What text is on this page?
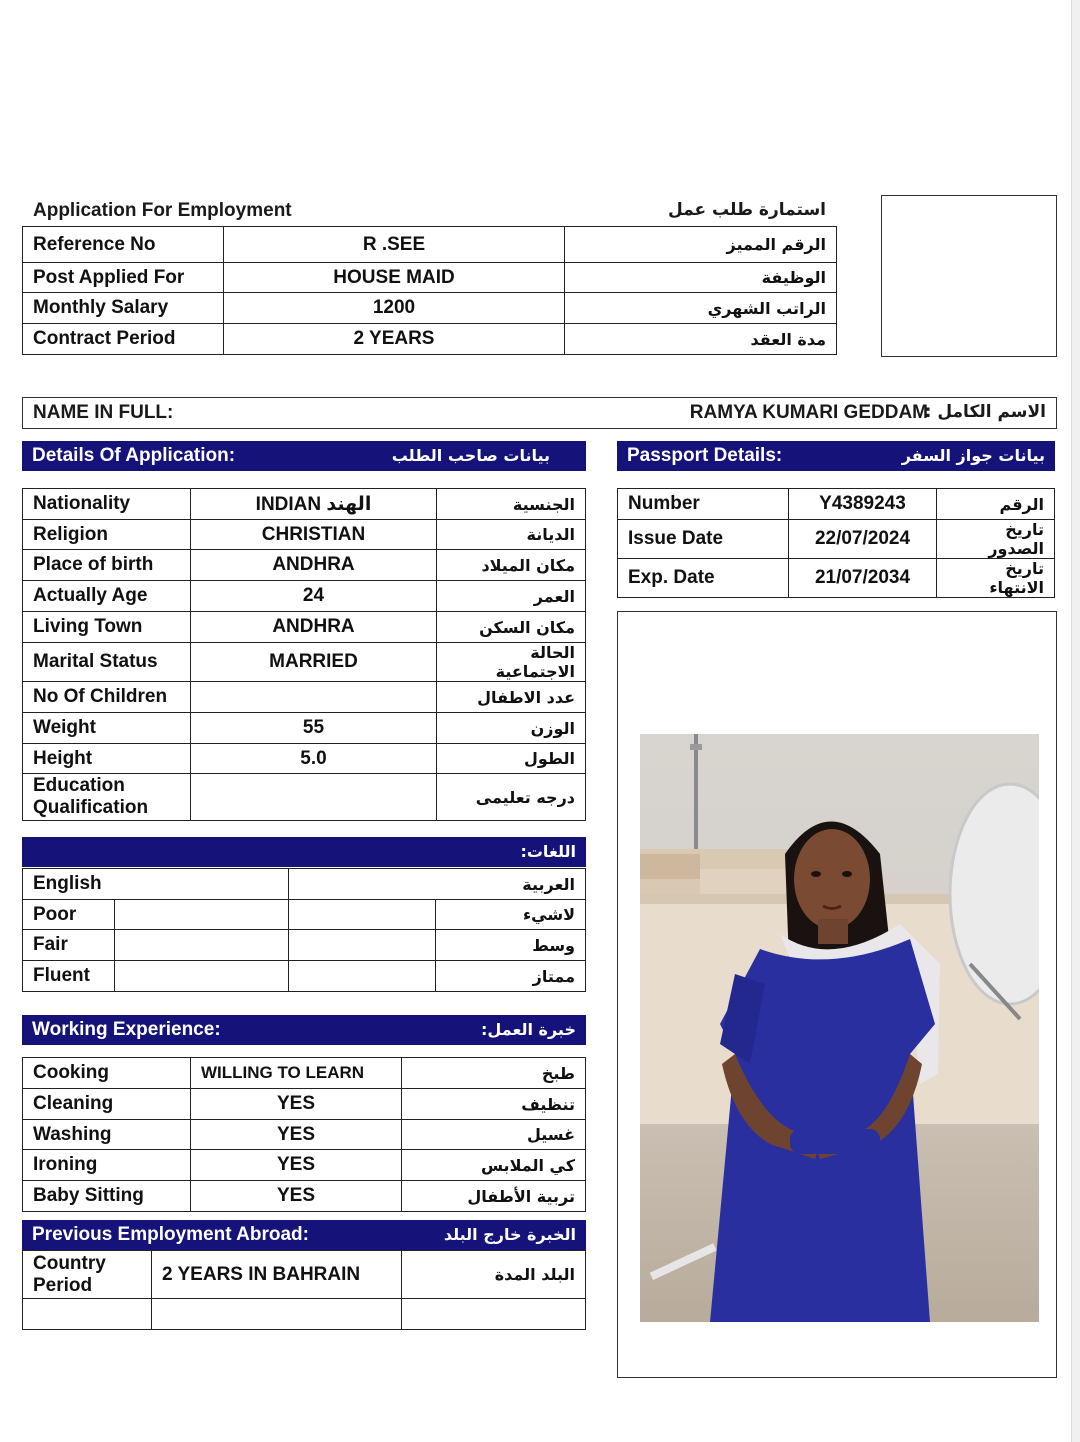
Application For Employment	استمارة طلب عمل
Reference No	R .SEE	الرقم المميز
Post Applied For	HOUSE MAID	الوظيفة
Monthly Salary	1200	الراتب الشهري
Contract Period	2 YEARS	مدة العقد
NAME IN FULL:	RAMYA KUMARI GEDDAM
الاسم الكامل :
Details Of Application:	بيانات صاحب الطلب	Passport Details:	بيانات جواز السفر
Nationality	INDIAN الهند	الجنسية
Religion	CHRISTIAN	الديانة
Place of birth	ANDHRA	مكان الميلاد
Actually Age	24	العمر
Living Town	ANDHRA	مكان السكن
Marital Status	MARRIED	الحالة الاجتماعية
No Of Children		عدد الاطفال
Weight	55	الوزن
Height	5.0	الطول

Education
Qualification		درجه تعليمى
Number	Y4389243	الرقم
Issue Date	22/07/2024	تاريخ الصدور
Exp. Date	21/07/2034	تاريخ الانتهاء
اللغات:
English		العربية	
Poor			لاشيء
Fair			وسط
Fluent			ممتاز
Working Experience:	خبرة العمل:
Cooking	WILLING TO LEARN	طبخ
Cleaning	YES	تنظيف
Washing	YES	غسيل
Ironing	YES	كي الملابس
Baby Sitting	YES	تربية الأطفال
Previous Employment Abroad:	الخبرة خارج البلد
Country
Period	2 YEARS IN BAHRAIN	البلد المدة
